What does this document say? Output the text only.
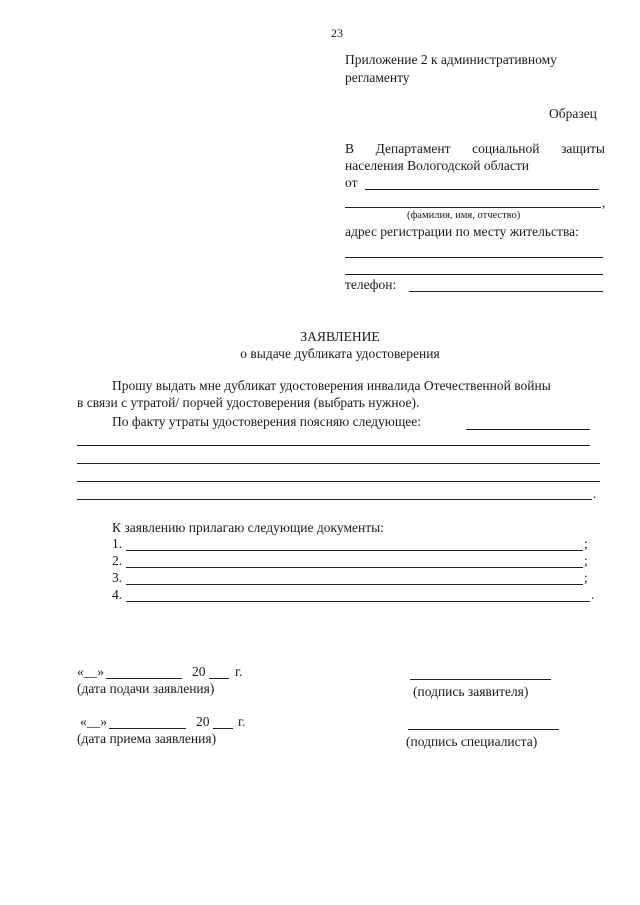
23
Приложение 2 к административному
регламенту
Образец
В Департамент социальной защиты
населения Вологодской области
от
,
(фамилия, имя, отчество)
адрес регистрации по месту жительства:
телефон:
ЗАЯВЛЕНИЕ
о выдаче дубликата удостоверения
Прошу выдать мне дубликат удостоверения инвалида Отечественной войны
в связи с утратой/ порчей удостоверения (выбрать нужное).
По факту утраты удостоверения поясняю следующее:
.
К заявлению прилагаю следующие документы:
1.	;
2.	;
3.	;
4.	.
«__»	20 г.
(дата подачи заявления)	(подпись заявителя)
«__»	20 г.
(дата приема заявления)	(подпись специалиста)
